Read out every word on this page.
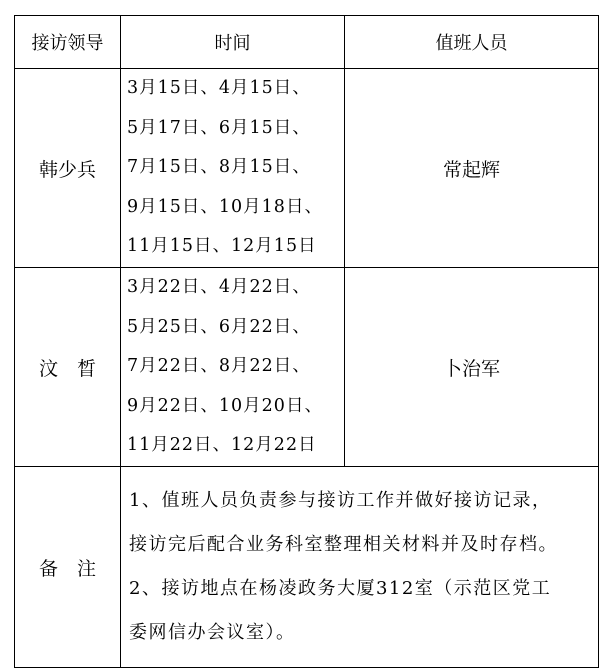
接访领导	时间	值班人员
韩少兵	3月15日、4月15日、
5月17日、6月15日、
7月15日、8月15日、
9月15日、10月18日、
11月15日、12月15日	常起辉
汶　晳	3月22日、4月22日、
5月25日、6月22日、
7月22日、8月22日、
9月22日、10月20日、
11月22日、12月22日	卜治军
备　注	1、值班人员负责参与接访工作并做好接访记录，
接访完后配合业务科室整理相关材料并及时存档。
2、接访地点在杨凌政务大厦312室（示范区党工
委网信办会议室）。	
